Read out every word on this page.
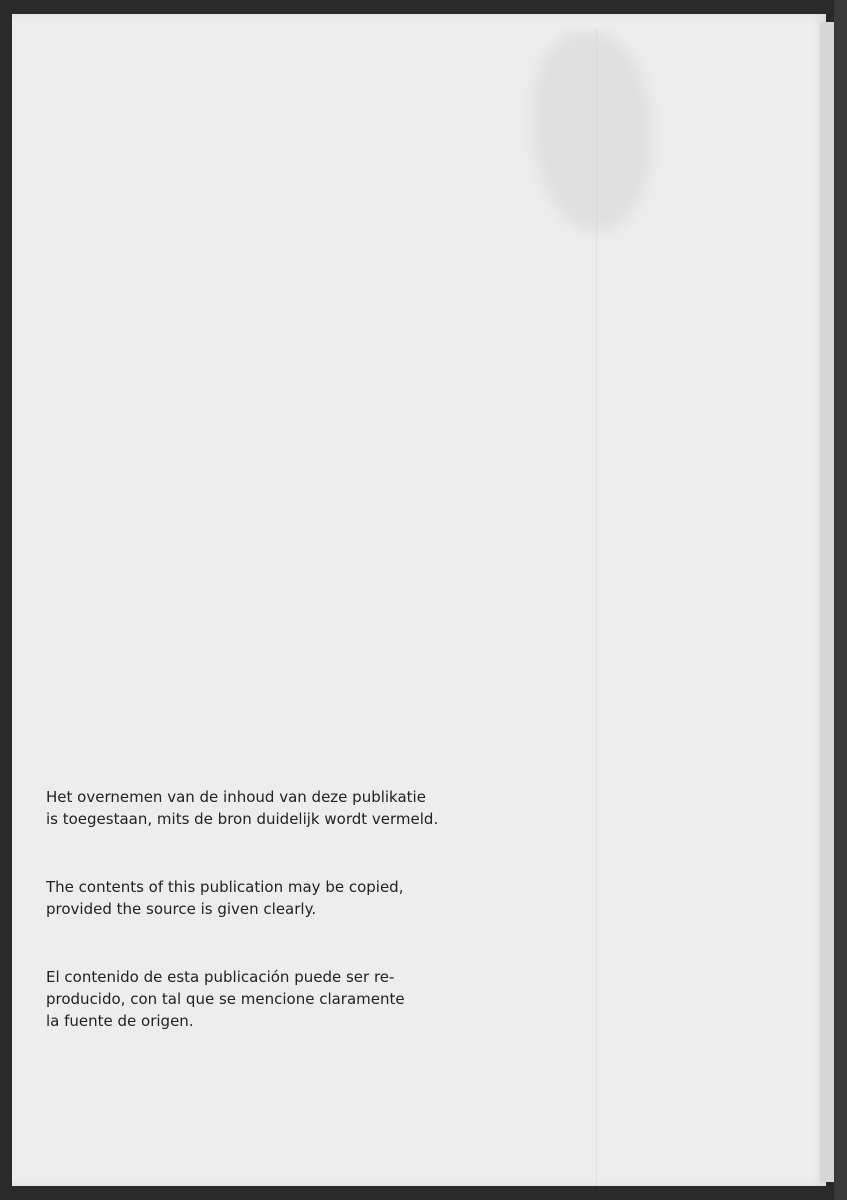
Het overnemen van de inhoud van deze publikatie

is toegestaan, mits de bron duidelijk wordt vermeld.

The contents of this publication may be copied,

provided the source is given clearly.

El contenido de esta publicación puede ser re-

producido, con tal que se mencione claramente

la fuente de origen.
